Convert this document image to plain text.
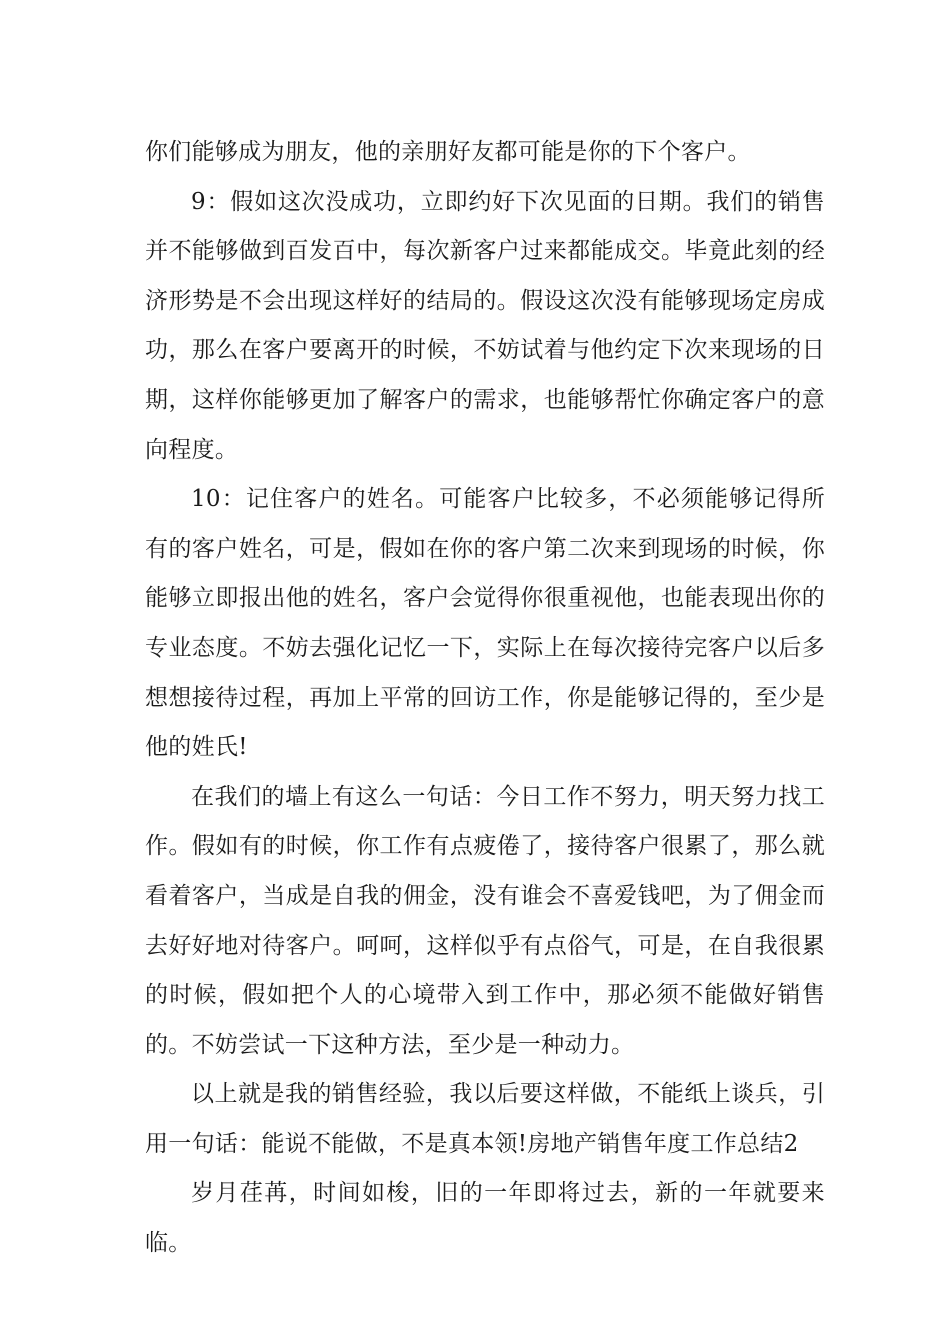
你们能够成为朋友，他的亲朋好友都可能是你的下个客户。

9：假如这次没成功，立即约好下次见面的日期。我们的销售并不能够做到百发百中，每次新客户过来都能成交。毕竟此刻的经济形势是不会出现这样好的结局的。假设这次没有能够现场定房成功，那么在客户要离开的时候，不妨试着与他约定下次来现场的日期，这样你能够更加了解客户的需求，也能够帮忙你确定客户的意向程度。

10：记住客户的姓名。可能客户比较多，不必须能够记得所有的客户姓名，可是，假如在你的客户第二次来到现场的时候，你能够立即报出他的姓名，客户会觉得你很重视他，也能表现出你的专业态度。不妨去强化记忆一下，实际上在每次接待完客户以后多想想接待过程，再加上平常的回访工作，你是能够记得的，至少是他的姓氏!

在我们的墙上有这么一句话：今日工作不努力，明天努力找工作。假如有的时候，你工作有点疲倦了，接待客户很累了，那么就看着客户，当成是自我的佣金，没有谁会不喜爱钱吧，为了佣金而去好好地对待客户。呵呵，这样似乎有点俗气，可是，在自我很累的时候，假如把个人的心境带入到工作中，那必须不能做好销售的。不妨尝试一下这种方法，至少是一种动力。

以上就是我的销售经验，我以后要这样做，不能纸上谈兵，引用一句话：能说不能做，不是真本领!房地产销售年度工作总结2

岁月荏苒，时间如梭，旧的一年即将过去，新的一年就要来临。
